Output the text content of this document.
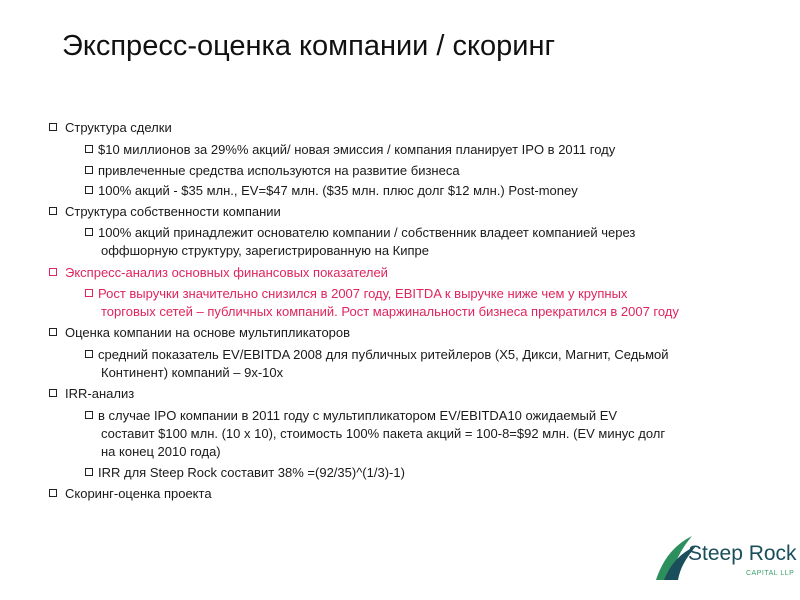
Экспресс-оценка компании / скоринг
Структура сделки
$10 миллионов за 29%% акций/ новая эмиссия / компания планирует IPO в 2011 году
привлеченные средства используются на развитие бизнеса
100% акций - $35 млн., EV=$47 млн. ($35 млн. плюс долг $12 млн.) Post-money
Структура собственности компании
100% акций принадлежит основателю компании / собственник владеет компанией через
оффшорную структуру, зарегистрированную на Кипре
Экспресс-анализ основных финансовых показателей
Рост выручки значительно снизился в 2007 году, EBITDA к выручке ниже чем у крупных
торговых сетей – публичных компаний. Рост маржинальности бизнеса прекратился в 2007 году
Оценка компании на основе мультипликаторов
средний показатель EV/EBITDA 2008 для публичных ритейлеров (Х5, Дикси, Магнит, Седьмой
Континент) компаний – 9х-10х
IRR-анализ
в случае IPO компании в 2011 году с мультипликатором EV/EBITDA10 ожидаемый EV
составит $100 млн. (10 х 10), стоимость 100% пакета акций = 100-8=$92 млн. (EV минус долг
на конец 2010 года)
IRR для Steep Rock составит 38% =(92/35)^(1/3)-1)
Скоринг-оценка проекта
Steep Rock
CAPITAL LLP
